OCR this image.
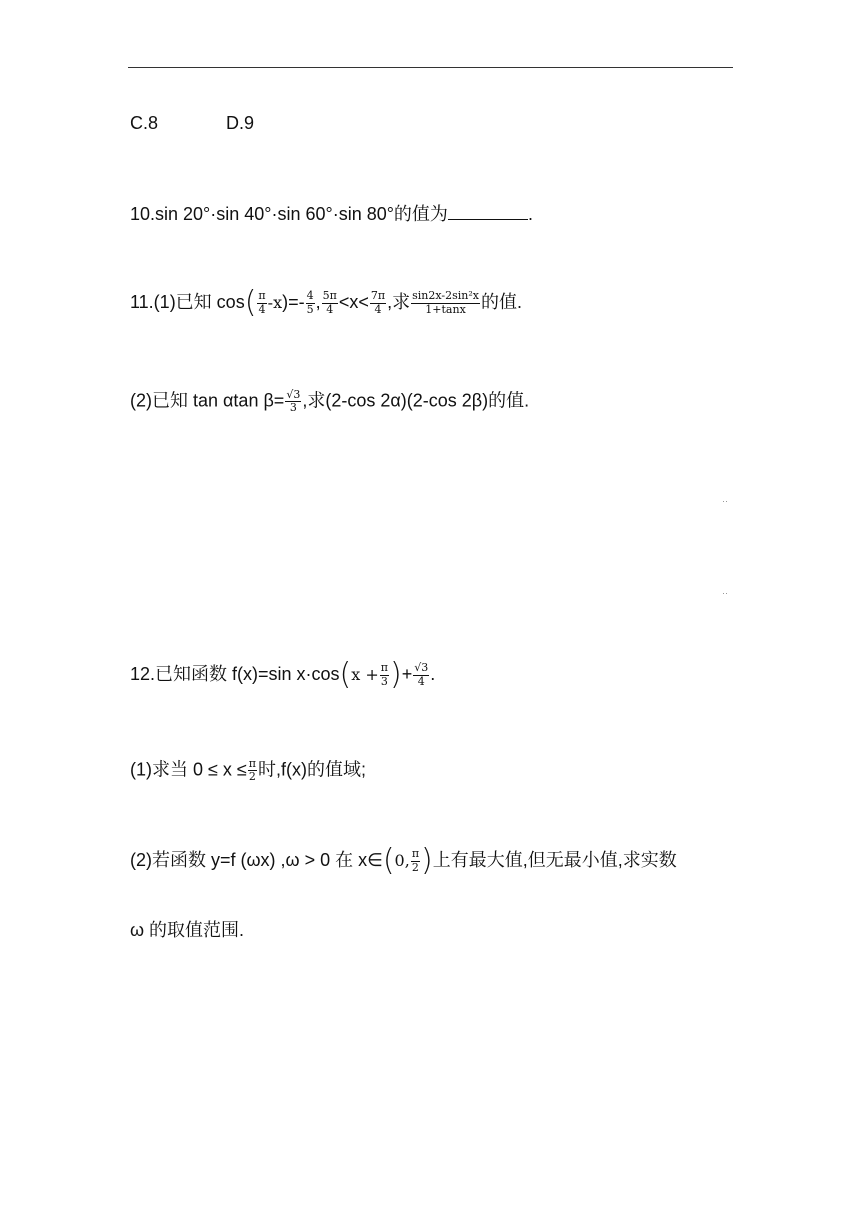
C.8	D.9
10.sin 20°·sin 40°·sin 60°·sin 80°的值为	.
11.(1)已知 $\cos( \frac{\pi}{4} -x)=- \frac{4}{5}$ , $\frac{5\pi}{4} <x< \frac{7\pi}{4}$ ,求 $\frac{\text{sin2x-2sin²x}}{1+\tan x}$ 的值.
(2)已知 tan αtan $\beta= \frac{√3}{3}$ ,求(2-cos 2α)(2-cos 2β)的值.
··
··
12.已知函数 f(x)=sin $x\cdot\cos(x + \frac{\pi}{3}$ )+ $\frac{√3}{4}$ .
(1)求当 $0 \le x \le \frac{\pi}{2}$ 时,f(x)的值域;
(2)若函数 y=f (ωx) ,ω > 0 在 x∈(0, $\frac{\pi}{2}$ )上有最大值,但无最小值,求实数
ω 的取值范围.
